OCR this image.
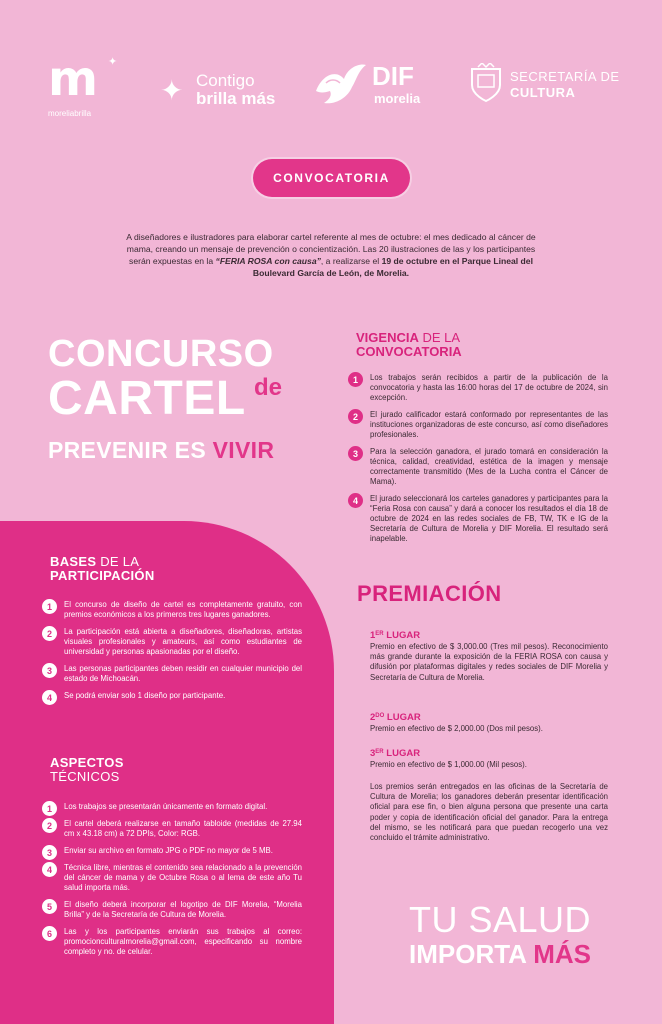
m	✦
moreliabrilla
✦ Contigo
brilla más
DIF
morelia
SECRETARÍA DE
CULTURA
CONVOCATORIA

A diseñadores e ilustradores para elaborar cartel referente al mes de octubre: el mes dedicado al cáncer de mama, creando un mensaje de prevención o concientización. Las 20 ilustraciones de las y los participantes serán expuestas en la “FERIA ROSA con causa”, a realizarse el 19 de octubre en el Parque Lineal del Boulevard García de León, de Morelia.

CONCURSO
CARTEL de
PREVENIR ES VIVIR
BASES DE LA
PARTICIPACIÓN
1	El concurso de diseño de cartel es completamente gratuito, con premios económicos a los primeros tres lugares ganadores.
2	La participación está abierta a diseñadores, diseñadoras, artistas visuales profesionales y amateurs, así como estudiantes de universidad y personas apasionadas por el diseño.
3	Las personas participantes deben residir en cualquier municipio del estado de Michoacán.
4	Se podrá enviar solo 1 diseño por participante.
ASPECTOS
TÉCNICOS
1	Los trabajos se presentarán únicamente en formato digital.
2	El cartel deberá realizarse en tamaño tabloide (medidas de 27.94 cm x 43.18 cm) a 72 DPIs, Color: RGB.
3	Enviar su archivo en formato JPG o PDF no mayor de 5 MB.
4	Técnica libre, mientras el contenido sea relacionado a la prevención del cáncer de mama y de Octubre Rosa o al lema de este año Tu salud importa más.
5	El diseño deberá incorporar el logotipo de DIF Morelia, “Morelia Brilla” y de la Secretaría de Cultura de Morelia.
6	Las y los participantes enviarán sus trabajos al correo: promocionculturalmorelia@gmail.com, especificando su nombre completo y no. de celular.
VIGENCIA DE LA
CONVOCATORIA
1	Los trabajos serán recibidos a partir de la publicación de la convocatoria y hasta las 16:00 horas del 17 de octubre de 2024, sin excepción.
2	El jurado calificador estará conformado por representantes de las instituciones organizadoras de este concurso, así como diseñadores profesionales.
3	Para la selección ganadora, el jurado tomará en consideración la técnica, calidad, creatividad, estética de la imagen y mensaje correctamente transmitido (Mes de la Lucha contra el Cáncer de Mama).
4	El jurado seleccionará los carteles ganadores y participantes para la “Feria Rosa con causa” y dará a conocer los resultados el día 18 de octubre de 2024 en las redes sociales de FB, TW, TK e IG de la Secretaría de Cultura de Morelia y DIF Morelia. El resultado será inapelable.
PREMIACIÓN
1ER LUGAR

Premio en efectivo de $ 3,000.00 (Tres mil pesos). Reconocimiento más grande durante la exposición de la FERIA ROSA con causa y difusión por plataformas digitales y redes sociales de DIF Morelia y Secretaría de Cultura de Morelia.

$2^{DO}$ LUGAR

Premio en efectivo de $ 2,000.00 (Dos mil pesos).

3ER LUGAR

Premio en efectivo de $ 1,000.00 (Mil pesos).

Los premios serán entregados en las oficinas de la Secretaría de Cultura de Morelia; los ganadores deberán presentar identificación oficial para ese fin, o bien alguna persona que presente una carta poder y copia de identificación oficial del ganador. Para la entrega del mismo, se les notificará para que puedan recogerlo una vez concluido el trámite administrativo.

TU SALUD
IMPORTA MÁS
